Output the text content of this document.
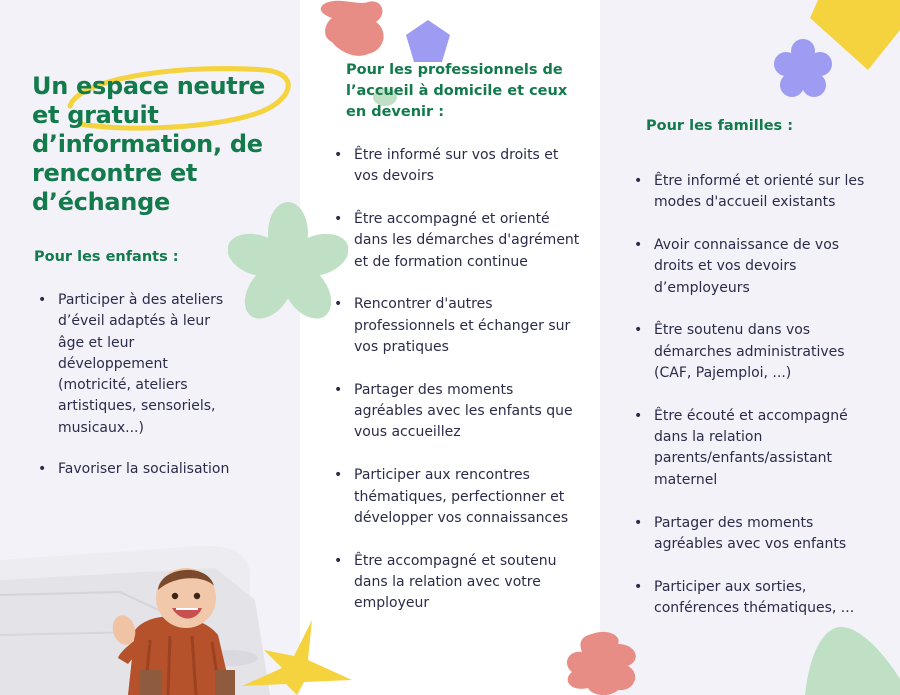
Un espace neutre et gratuit d’information, de rencontre et d’échange

Pour les enfants :

• Participer à des ateliers d’éveil adaptés à leur âge et leur développement (motricité, ateliers artistiques, sensoriels, musicaux...)
• Favoriser la socialisation

Pour les professionnels de l’accueil à domicile et ceux en devenir :

• Être informé sur vos droits et vos devoirs
• Être accompagné et orienté dans les démarches d'agrément et de formation continue
• Rencontrer d'autres professionnels et échanger sur vos pratiques
• Partager des moments agréables avec les enfants que vous accueillez
• Participer aux rencontres thématiques, perfectionner et développer vos connaissances
• Être accompagné et soutenu dans la relation avec votre employeur

Pour les familles :

• Être informé et orienté sur les modes d'accueil existants
• Avoir connaissance de vos droits et vos devoirs d’employeurs
• Être soutenu dans vos démarches administratives (CAF, Pajemploi, ...)
• Être écouté et accompagné dans la relation parents/enfants/assistant maternel
• Partager des moments agréables avec vos enfants
• Participer aux sorties, conférences thématiques, ...
